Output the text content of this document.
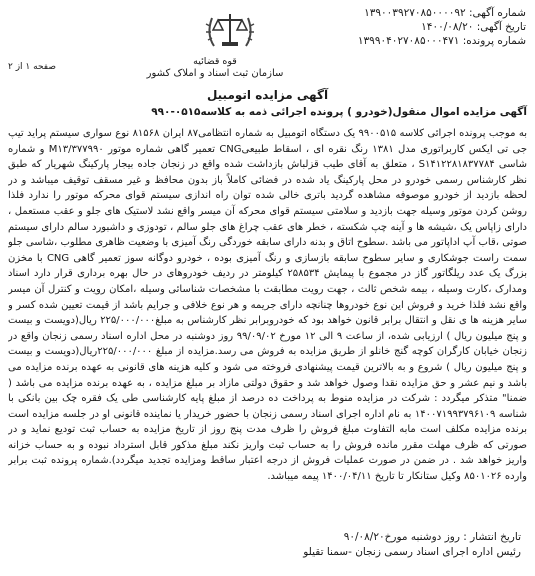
شماره آگهی: ۱۳۹۰۰۳۹۲۷۰۸۵۰۰۰۰۹۲
تاریخ آگهی: ۱۴۰۰/۰۸/۲۰
شماره پرونده: ۱۳۹۹۰۴۰۲۷۰۸۵۰۰۰۴۷۱
قوه قضائیه
سازمان ثبت اسناد و املاک کشور
صفحه ۱ از ۲
آگهی مزایده اتومبیل
آگهی مزایده اموال منقول(خودرو ) پرونده اجرائی ذمه به کلاسه۰۵۱۵-۹۹۰
به موجب پرونده اجرائی کلاسه ۹۹۰۰۵۱۵ یک دستگاه اتومبیل به شماره انتظامی۸۷ ایران ۸۱۵۶۸ نوع سواری سیستم پراید تیپ جی تی ایکس کاربراتوری مدل ۱۳۸۱ رنگ نقره ای ، اسقاط طبیعیCNG تعمیر گاهی شماره موتور M۱۳/۳۷۷۹۹۰ و شماره شاسی S۱۴۱۲۲۸۱۸۳۷۷۸۴ ، متعلق به آقای طیب قزلباش بازداشت شده واقع در زنجان جاده بیجار پارکینگ شهریار که طبق نظر کارشناس رسمی خودرو در محل پارکینگ یاد شده در فضائی کاملاً باز بدون محافظ و غیر مسقف توقیف میباشد و در لحظه بازدید از خودرو موصوفه مشاهده گردید باتری خالی شده توان راه اندازی سیستم قوای محرکه موتور را ندارد فلذا روشن کردن موتور وسیله جهت بازدید و سلامتی سیستم قوای محرکه آن میسر واقع نشد لاستیک های جلو و عقب مستعمل ، دارای زاپاس یک ،شیشه ها و آینه چپ شکسته ، خطر های عقب چراغ های جلو سالم ، تودوزی و داشبورد سالم دارای سیستم صوتی ،قاب آپ اداپاتور می باشد .سطوح اتاق و بدنه دارای سابقه خوردگی رنگ آمیزی با وضعیت ظاهری مطلوب ،شاسی جلو سمت راست جوشکاری و سایر سطوح سابقه بازسازی و رنگ آمیزی بوده ، خودرو دوگانه سوز تعمیر گاهی CNG با مخزن بزرگ یک عدد ریلگاتور گاز در مجموع با پیمایش ۲۵۸۵۳۴ کیلومتر در ردیف خودروهای در حال بهره برداری قرار دارد اسناد ومدارک ،کارت وسیله ، بیمه شخص ثالث ، جهت رویت مطابقت با مشخصات شناسائی وسیله ،امکان رویت و کنترل آن میسر واقع نشد فلذا خرید و فروش این نوع خودروها چنانچه دارای جریمه و هر نوع خلافی و جرایم باشد از قیمت تعیین شده کسر و سایر هزینه ها ی نقل و انتقال برابر قانون خواهد بود که خودروبرابر نظر کارشناس به مبلغ۲۲۵/۰۰۰/۰۰۰ ریال(دویست و بیست و پنج میلیون ریال ) ارزیابی شده، از ساعت ۹ الی ۱۲ مورخ ۹۹/۰۹/۰۲ روز دوشنبه در محل اداره اسناد رسمی زنجان واقع در زنجان خیابان کارگران کوچه گنج خانلو از طریق مزایده به فروش می رسد.مزایده از مبلغ ۲۲۵/۰۰۰/۰۰۰ریال(دویست و بیست و پنج میلیون ریال ) شروع و به بالاترین قیمت پیشنهادی فروخته می شود و کلیه هزینه های قانونی به عهده برنده مزایده می باشد و نیم عشر و حق مزایده نقدا وصول خواهد شد و حقوق دولتی مازاد بر مبلغ مزایده ، به عهده برنده مزایده می باشد ( ضمنا" متذکر میگردد : شرکت در مزایده منوط به پرداخت ده درصد از مبلغ پایه کارشناسی طی یک فقره چک بین بانکی با شناسه ۱۴۰۰۷۱۹۹۳۷۹۶۱۰۹ به نام اداره اجرای اسناد رسمی زنجان با حضور خریدار یا نماینده قانونی او در جلسه مزایده است برنده مزایده مکلف است مابه التفاوت مبلغ فروش را ظرف مدت پنج روز از تاریخ مزایده به حساب ثبت تودیع نماید و در صورتی که ظرف مهلت مقرر مانده فروش را به حساب ثبت واریز نکند مبلغ مذکور قابل استرداد نبوده و به حساب خزانه واریز خواهد شد . در ضمن در صورت عملیات فروش از درجه اعتبار ساقط ومزایده تجدید میگردد).شماره پرونده ثبت برابر وارده ۸۵۰۱۰۲۶ وکیل ستانکار تا تاریخ ۱۴۰۰/۰۴/۱۱ پیمه میباشد.
تاریخ انتشار : روز دوشنبه مورخ۹۰/۰۸/۲۰
رئیس اداره اجرای اسناد رسمی زنجان -سمنا تقیلو
